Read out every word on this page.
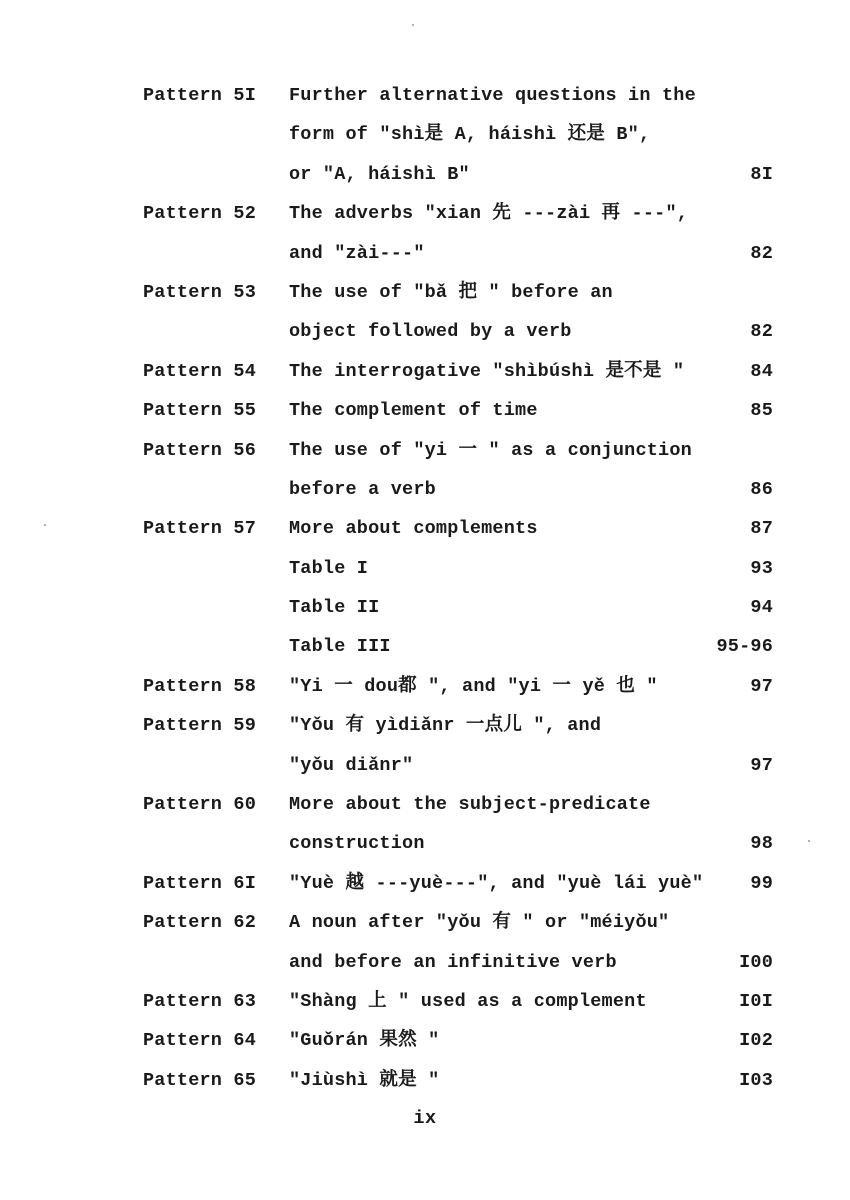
Pattern 5I Further alternative questions in the
form of "shì是 A, háishì 还是 B",
or "A, háishì B"	8I
Pattern 52 The adverbs "xian 先 ---zài 再 ---",
and "zài---"	82
Pattern 53 The use of "bǎ 把 " before an
object followed by a verb	82
Pattern 54 The interrogative "shìbúshì 是不是 "	84
Pattern 55 The complement of time	85
Pattern 56 The use of "yi 一 " as a conjunction
before a verb	86
Pattern 57 More about complements	87
Table I	93
Table II	94
Table III	95-96
Pattern 58 "Yi 一 dou都 ", and "yi 一 yě 也 "	97
Pattern 59 "Yǒu 有 yìdiǎnr 一点儿 ", and
"yǒu diǎnr"	97
Pattern 60 More about the subject-predicate
construction	98
Pattern 6I "Yuè 越 ---yuè---", and "yuè lái yuè"	99
Pattern 62 A noun after "yǒu 有 " or "méiyǒu"
and before an infinitive verb	I00
Pattern 63 "Shàng 上 " used as a complement	I0I
Pattern 64 "Guǒrán 果然 "	I02
Pattern 65 "Jiùshì 就是 "	I03
ix
